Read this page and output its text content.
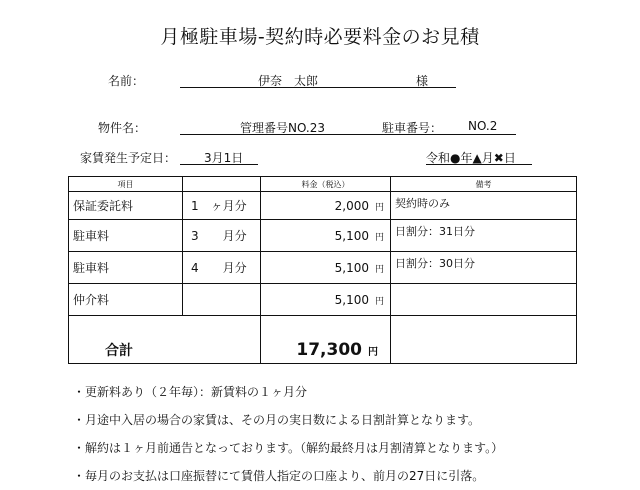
月極駐車場-契約時必要料金のお見積
名前：	伊奈　太郎	様
物件名：	管理番号NO.23	駐車番号： NO.2
家賃発生予定日： 3月1日	令和●年▲月✖日
項目		料金（税込）	備考
保証委託料	1　ヶ月分	2,000 円	契約時のみ
駐車料	3　　月分	5,100 円	日割分：31日分
駐車料	4　　月分	5,100 円	日割分：30日分
仲介料		5,100 円	
合計		17,300 円	
・更新料あり（２年毎）：新賃料の１ヶ月分
・月途中入居の場合の家賃は、その月の実日数による日割計算となります。
・解約は１ヶ月前通告となっております。（解約最終月は月割清算となります。）
・毎月のお支払は口座振替にて賃借人指定の口座より、前月の27日に引落。
